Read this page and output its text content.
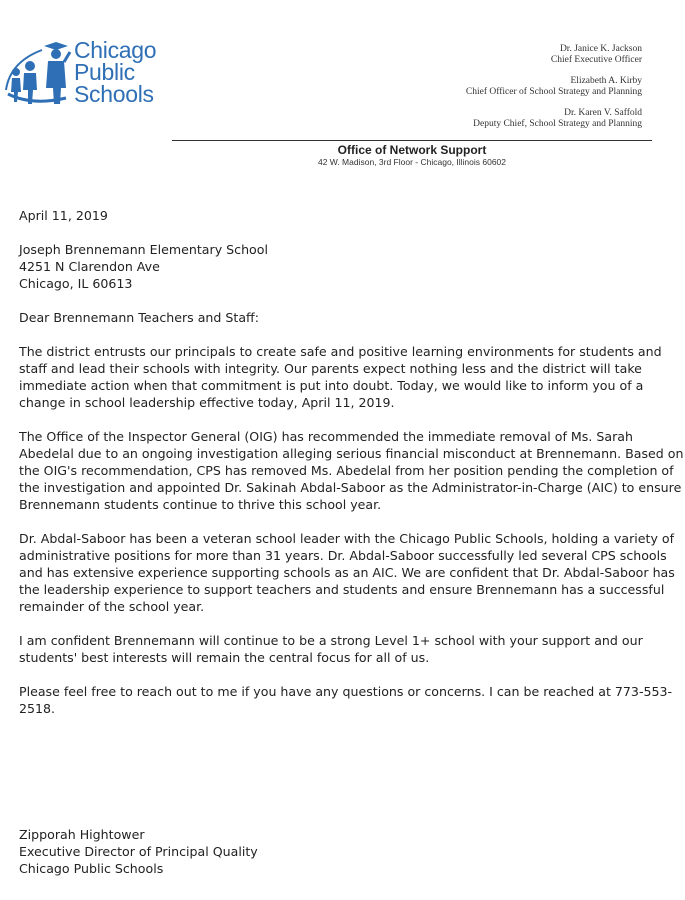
Chicago
Public
Schools
Dr. Janice K. Jackson
Chief Executive Officer
Elizabeth A. Kirby
Chief Officer of School Strategy and Planning
Dr. Karen V. Saffold
Deputy Chief, School Strategy and Planning
Office of Network Support
42 W. Madison, 3rd Floor - Chicago, Illinois 60602
April 11, 2019
Joseph Brennemann Elementary School
4251 N Clarendon Ave
Chicago, IL 60613
Dear Brennemann Teachers and Staff:
The district entrusts our principals to create safe and positive learning environments for students and
staff and lead their schools with integrity. Our parents expect nothing less and the district will take
immediate action when that commitment is put into doubt. Today, we would like to inform you of a
change in school leadership effective today, April 11, 2019.
The Office of the Inspector General (OIG) has recommended the immediate removal of Ms. Sarah
Abedelal due to an ongoing investigation alleging serious financial misconduct at Brennemann. Based on
the OIG's recommendation, CPS has removed Ms. Abedelal from her position pending the completion of
the investigation and appointed Dr. Sakinah Abdal-Saboor as the Administrator-in-Charge (AIC) to ensure
Brennemann students continue to thrive this school year.
Dr. Abdal-Saboor has been a veteran school leader with the Chicago Public Schools, holding a variety of
administrative positions for more than 31 years. Dr. Abdal-Saboor successfully led several CPS schools
and has extensive experience supporting schools as an AIC. We are confident that Dr. Abdal-Saboor has
the leadership experience to support teachers and students and ensure Brennemann has a successful
remainder of the school year.
I am confident Brennemann will continue to be a strong Level 1+ school with your support and our
students' best interests will remain the central focus for all of us.
Please feel free to reach out to me if you have any questions or concerns. I can be reached at 773-553-
2518.
Zipporah Hightower
Executive Director of Principal Quality
Chicago Public Schools
